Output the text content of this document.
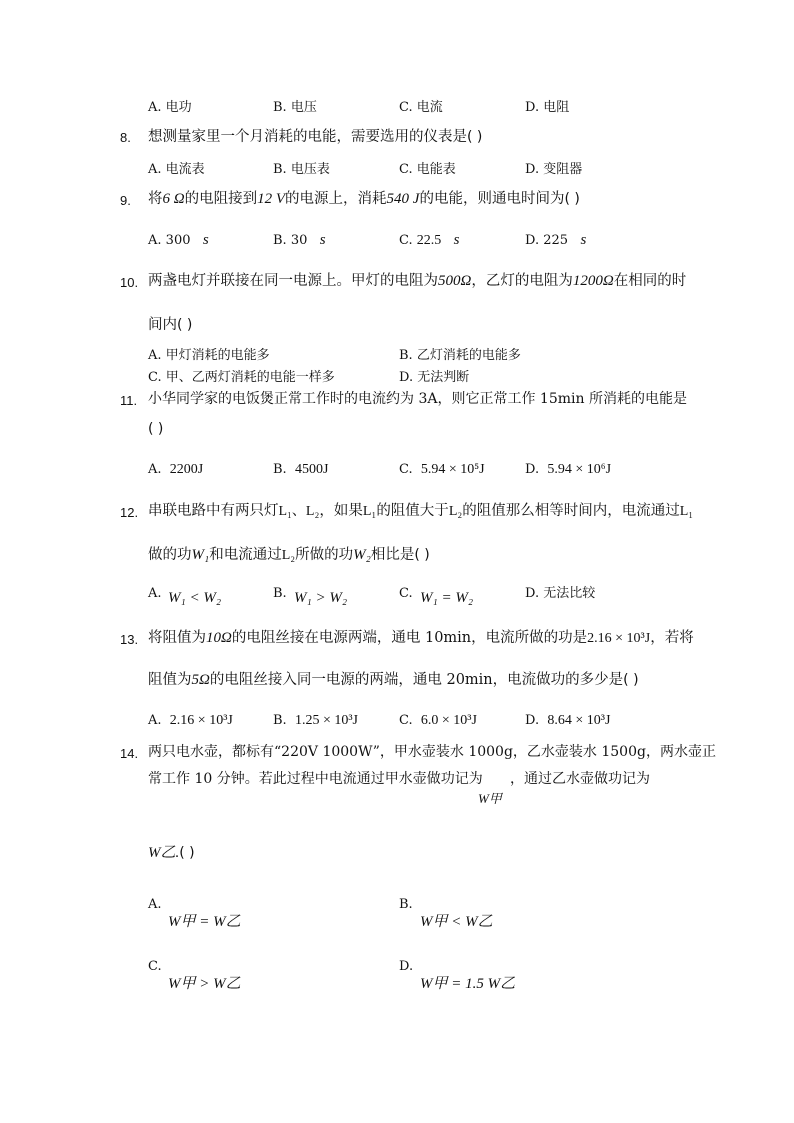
A. 电功	B. 电压	C. 电流	D. 电阻
8. 想测量家里一个月消耗的电能，需要选用的仪表是( )
A. 电流表	B. 电压表	C. 电能表	D. 变阻器
9. 将6 Ω的电阻接到12 V的电源上，消耗540 J的电能，则通电时间为( )
A. 300 s	B. 30 s	C. 22.5 s	D. 225 s
10. 两盏电灯并联接在同一电源上。甲灯的电阻为500Ω，乙灯的电阻为1200Ω在相同的时
间内( )
A. 甲灯消耗的电能多	B. 乙灯消耗的电能多
C. 甲、乙两灯消耗的电能一样多	D. 无法判断
11. 小华同学家的电饭煲正常工作时的电流约为 3A，则它正常工作 15min 所消耗的电能是
( )
A. 2200J	B. 4500J	C. 5.94 × 10⁵J	D. 5.94 × 10⁶J
12. 串联电路中有两只灯L₁、L₂，如果L₁的阻值大于L₂的阻值那么相等时间内，电流通过L₁
做的功W₁和电流通过L₂所做的功W₂相比是( )
A. W₁ < W₂	B. W₁ > W₂	C. W₁ = W₂	D. 无法比较
13. 将阻值为10Ω的电阻丝接在电源两端，通电 10min，电流所做的功是2.16 × 10³J，若将
阻值为5Ω的电阻丝接入同一电源的两端，通电 20min，电流做功的多少是( )
A. 2.16 × 10³J	B. 1.25 × 10³J	C. 6.0 × 10³J	D. 8.64 × 10³J
14. 两只电水壶，都标有“220V 1000W”，甲水壶装水 1000g，乙水壶装水 1500g，两水壶正
常工作 10 分钟。若此过程中电流通过甲水壶做功记为 ，通过乙水壶做功记为
W甲
W乙.( )
A.
W甲 = W乙
B.
W甲 < W乙
C.
W甲 > W乙
D.
W甲 = 1.5 W乙
